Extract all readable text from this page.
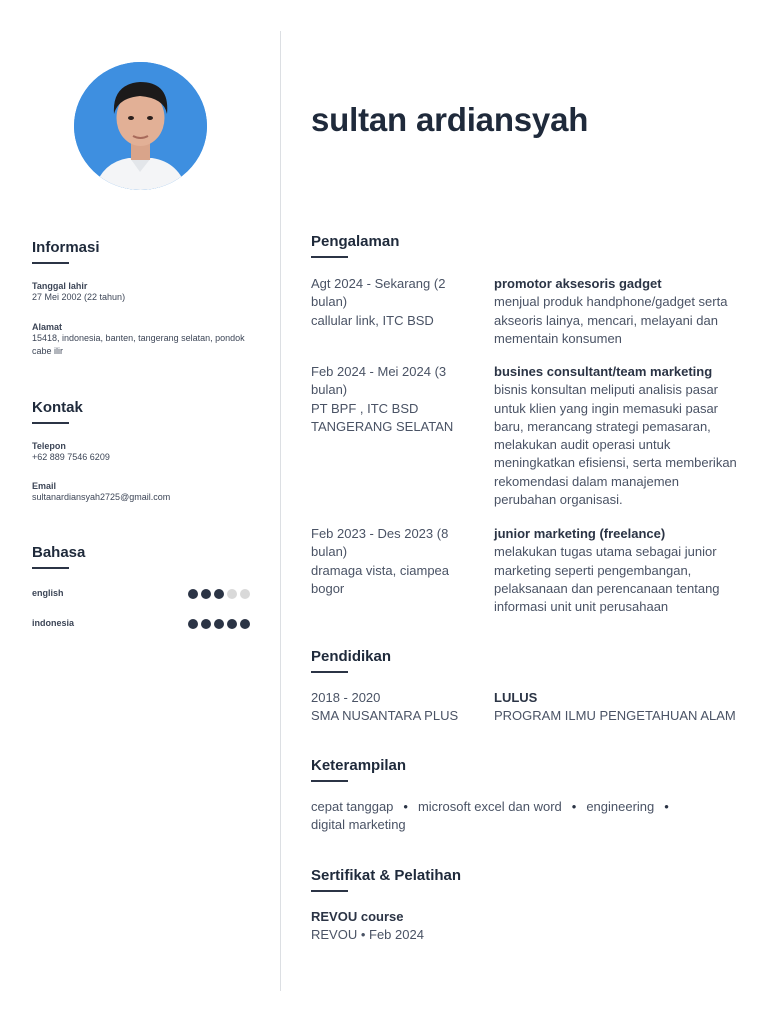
Informasi
Tanggal lahir
27 Mei 2002 (22 tahun)
Alamat
15418, indonesia, banten, tangerang selatan, pondok cabe ilir
Kontak
Telepon
+62 889 7546 6209
Email
sultanardiansyah2725@gmail.com
Bahasa
english
indonesia
sultan ardiansyah
Pengalaman
Agt 2024 - Sekarang (2 bulan)
callular link, ITC BSD
promotor aksesoris gadget
menjual produk handphone/gadget serta akseoris lainya, mencari, melayani dan mementain konsumen
Feb 2024 - Mei 2024 (3 bulan)
PT BPF , ITC BSD TANGERANG SELATAN
busines consultant/team marketing
bisnis konsultan meliputi analisis pasar untuk klien yang ingin memasuki pasar baru, merancang strategi pemasaran, melakukan audit operasi untuk meningkatkan efisiensi, serta memberikan rekomendasi dalam manajemen perubahan organisasi.
Feb 2023 - Des 2023 (8 bulan)
dramaga vista, ciampea bogor
junior marketing (freelance)
melakukan tugas utama sebagai junior marketing seperti pengembangan, pelaksanaan dan perencanaan tentang informasi unit unit perusahaan
Pendidikan
2018 - 2020
SMA NUSANTARA PLUS
LULUS
PROGRAM ILMU PENGETAHUAN ALAM
Keterampilan
cepat tanggap • microsoft excel dan word • engineering •
digital marketing
Sertifikat & Pelatihan
REVOU course
REVOU • Feb 2024
